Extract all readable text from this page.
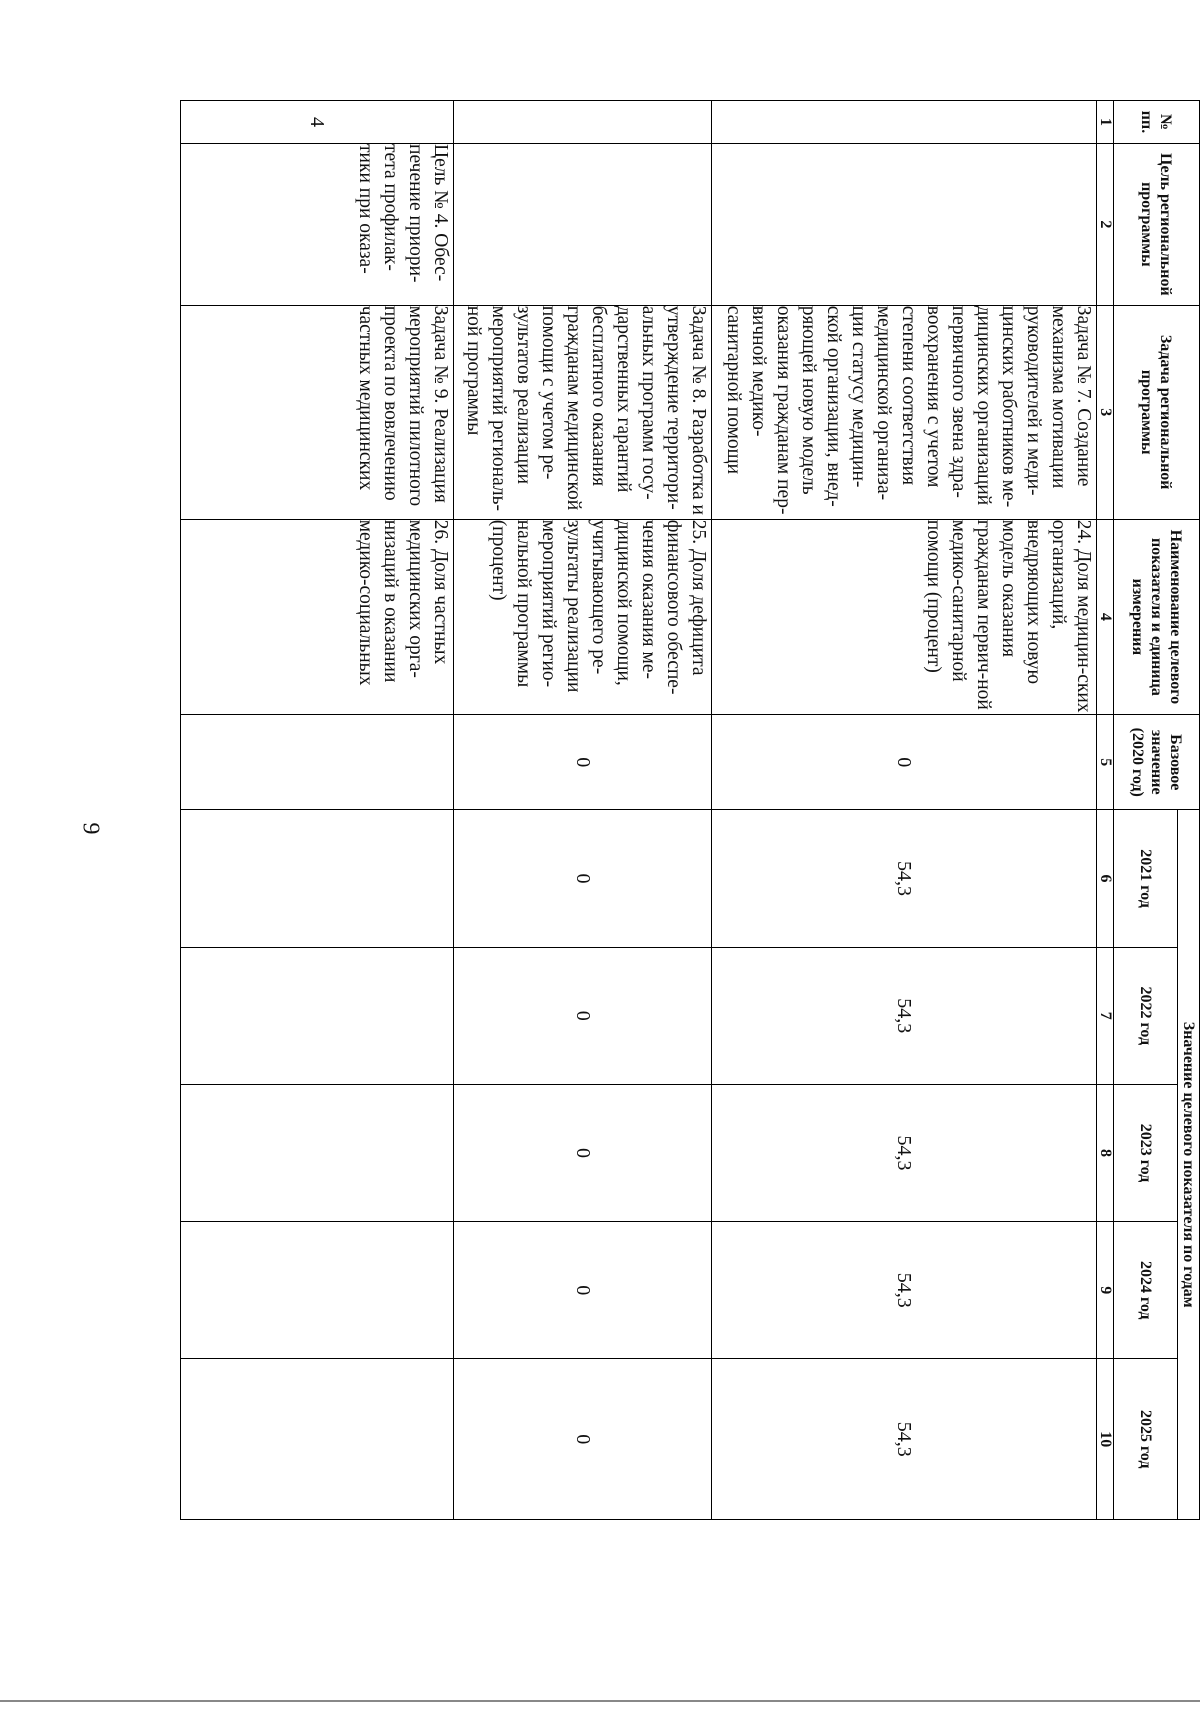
9
№ пп.	Цель региональной программы	Задача региональной программы	Наименование целевого показателя и единица измерения	Базовое значение (2020 год)	Значение целевого показателя по годам				
					2021 год	2022 год	2023 год	2024 год	2025 год
1	2	3	4	5	6	7	8	9	10
		Задача № 7. Создание механизма мотивации руководителей и меди-цинских работников ме-дицинских организаций первичного звена здра-воохранения с учетом степени соответствия медицинской организа-ции статусу медицин-ской организации, внед-ряющей новую модель оказания гражданам пер-вичной медико-санитарной помощи	24. Доля медицин-ских организаций, внедряющих новую модель оказания гражданам первич-ной медико-санитарной помощи (процент)	0	54,3	54,3	54,3	54,3	54,3
		Задача № 8. Разработка и утверждение территори-альных программ госу-дарственных гарантий бесплатного оказания гражданам медицинской помощи с учетом ре-зультатов реализации мероприятий региональ-ной программы	25. Доля дефицита финансового обеспе-чения оказания ме-дицинской помощи, учитывающего ре-зультаты реализации мероприятий регио-нальной программы (процент)	0	0	0	0	0	0
4	Цель № 4. Обес-печение приори-тета профилак-тики при оказа-	Задача № 9. Реализация мероприятий пилотного проекта по вовлечению частных медицинских	26. Доля частных медицинских орга-низаций в оказании медико-социальных						
